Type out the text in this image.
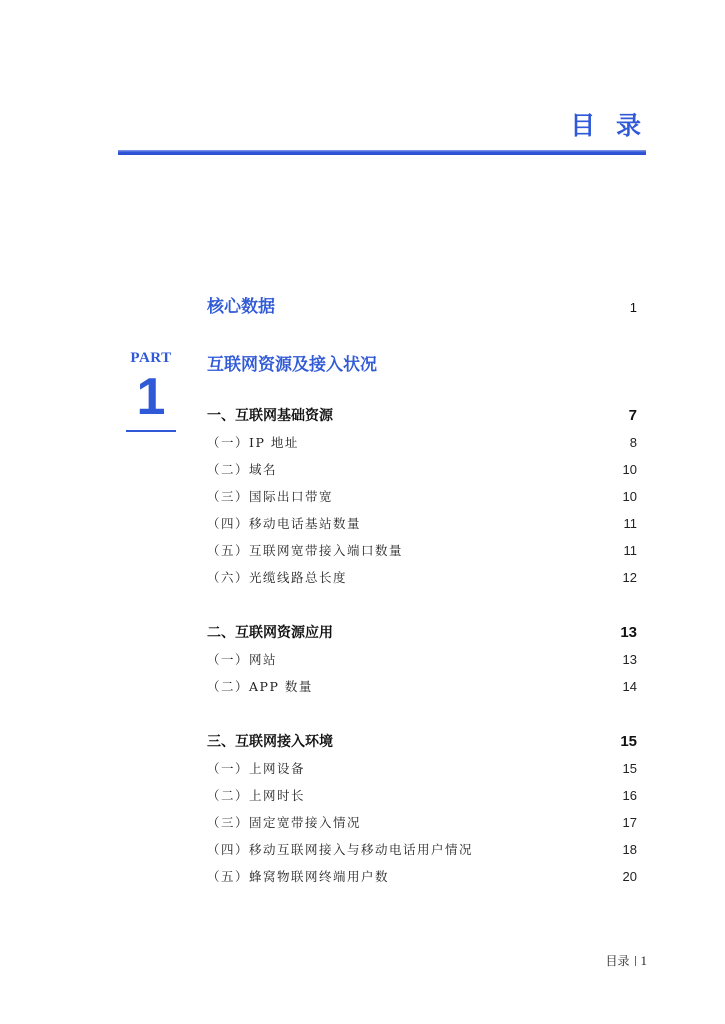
目 录
PART
1
核心数据	1
互联网资源及接入状况
一、互联网基础资源	7
（一）IP 地址	8
（二）域名	10
（三）国际出口带宽	10
（四）移动电话基站数量	11
（五）互联网宽带接入端口数量	11
（六）光缆线路总长度	12
二、互联网资源应用	13
（一）网站	13
（二）APP 数量	14
三、互联网接入环境	15
（一）上网设备	15
（二）上网时长	16
（三）固定宽带接入情况	17
（四）移动互联网接入与移动电话用户情况	18
（五）蜂窝物联网终端用户数	20
目录 1
